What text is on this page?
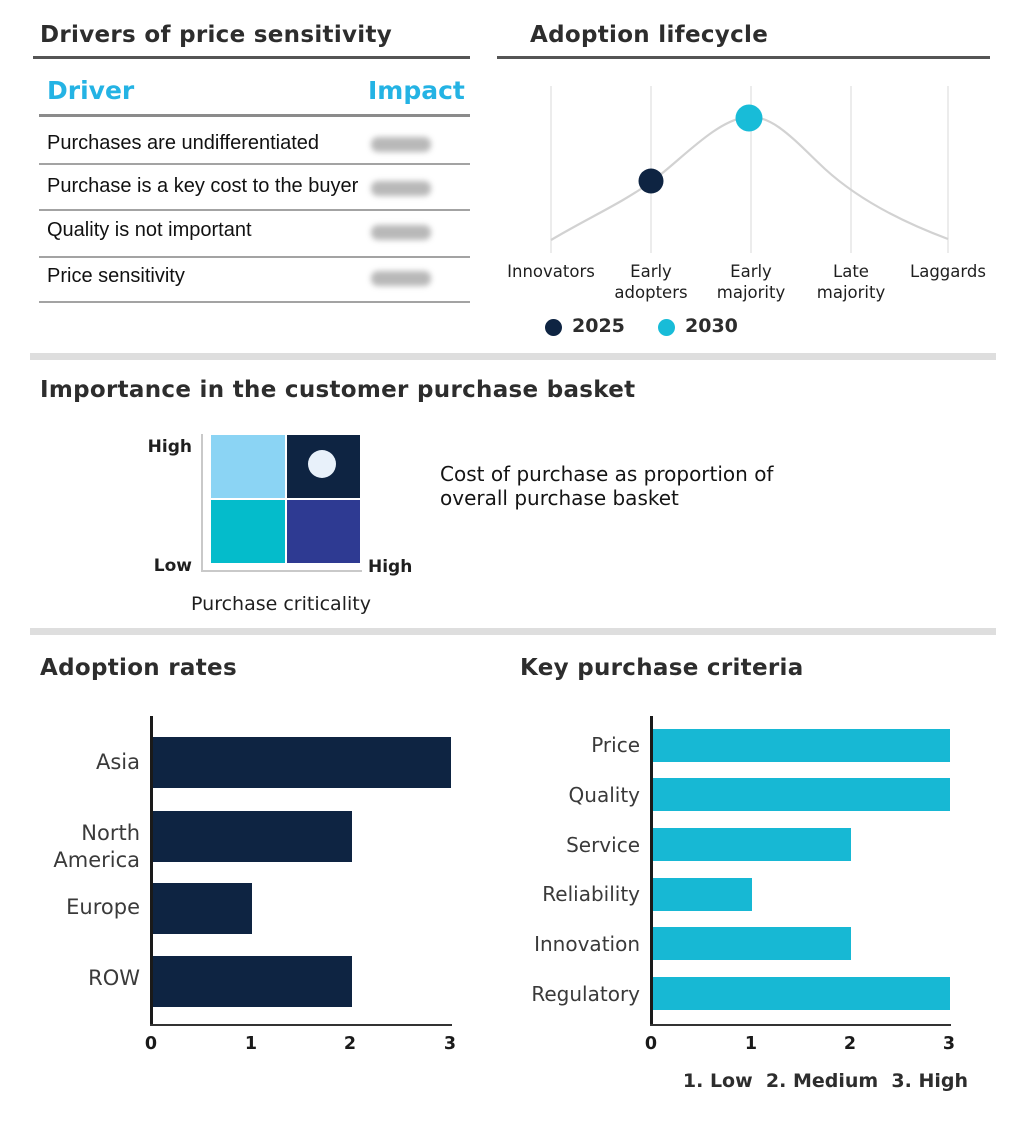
Drivers of price sensitivity
Driver	Impact
Purchases are undifferentiated
Purchase is a key cost to the buyer
Quality is not important
Price sensitivity
Adoption lifecycle
Innovators	Early adopters
Early majority
Late majority
Laggards
2025	2030
Importance in the customer purchase basket
High
Low	High
Purchase criticality
Cost of purchase as proportion of overall purchase basket
Adoption rates
Asia
North America
Europe
ROW
0	1	2	3
Key purchase criteria
Price
Quality
Service
Reliability
Innovation
Regulatory
0	1	2	3
1. Low  2. Medium  3. High
